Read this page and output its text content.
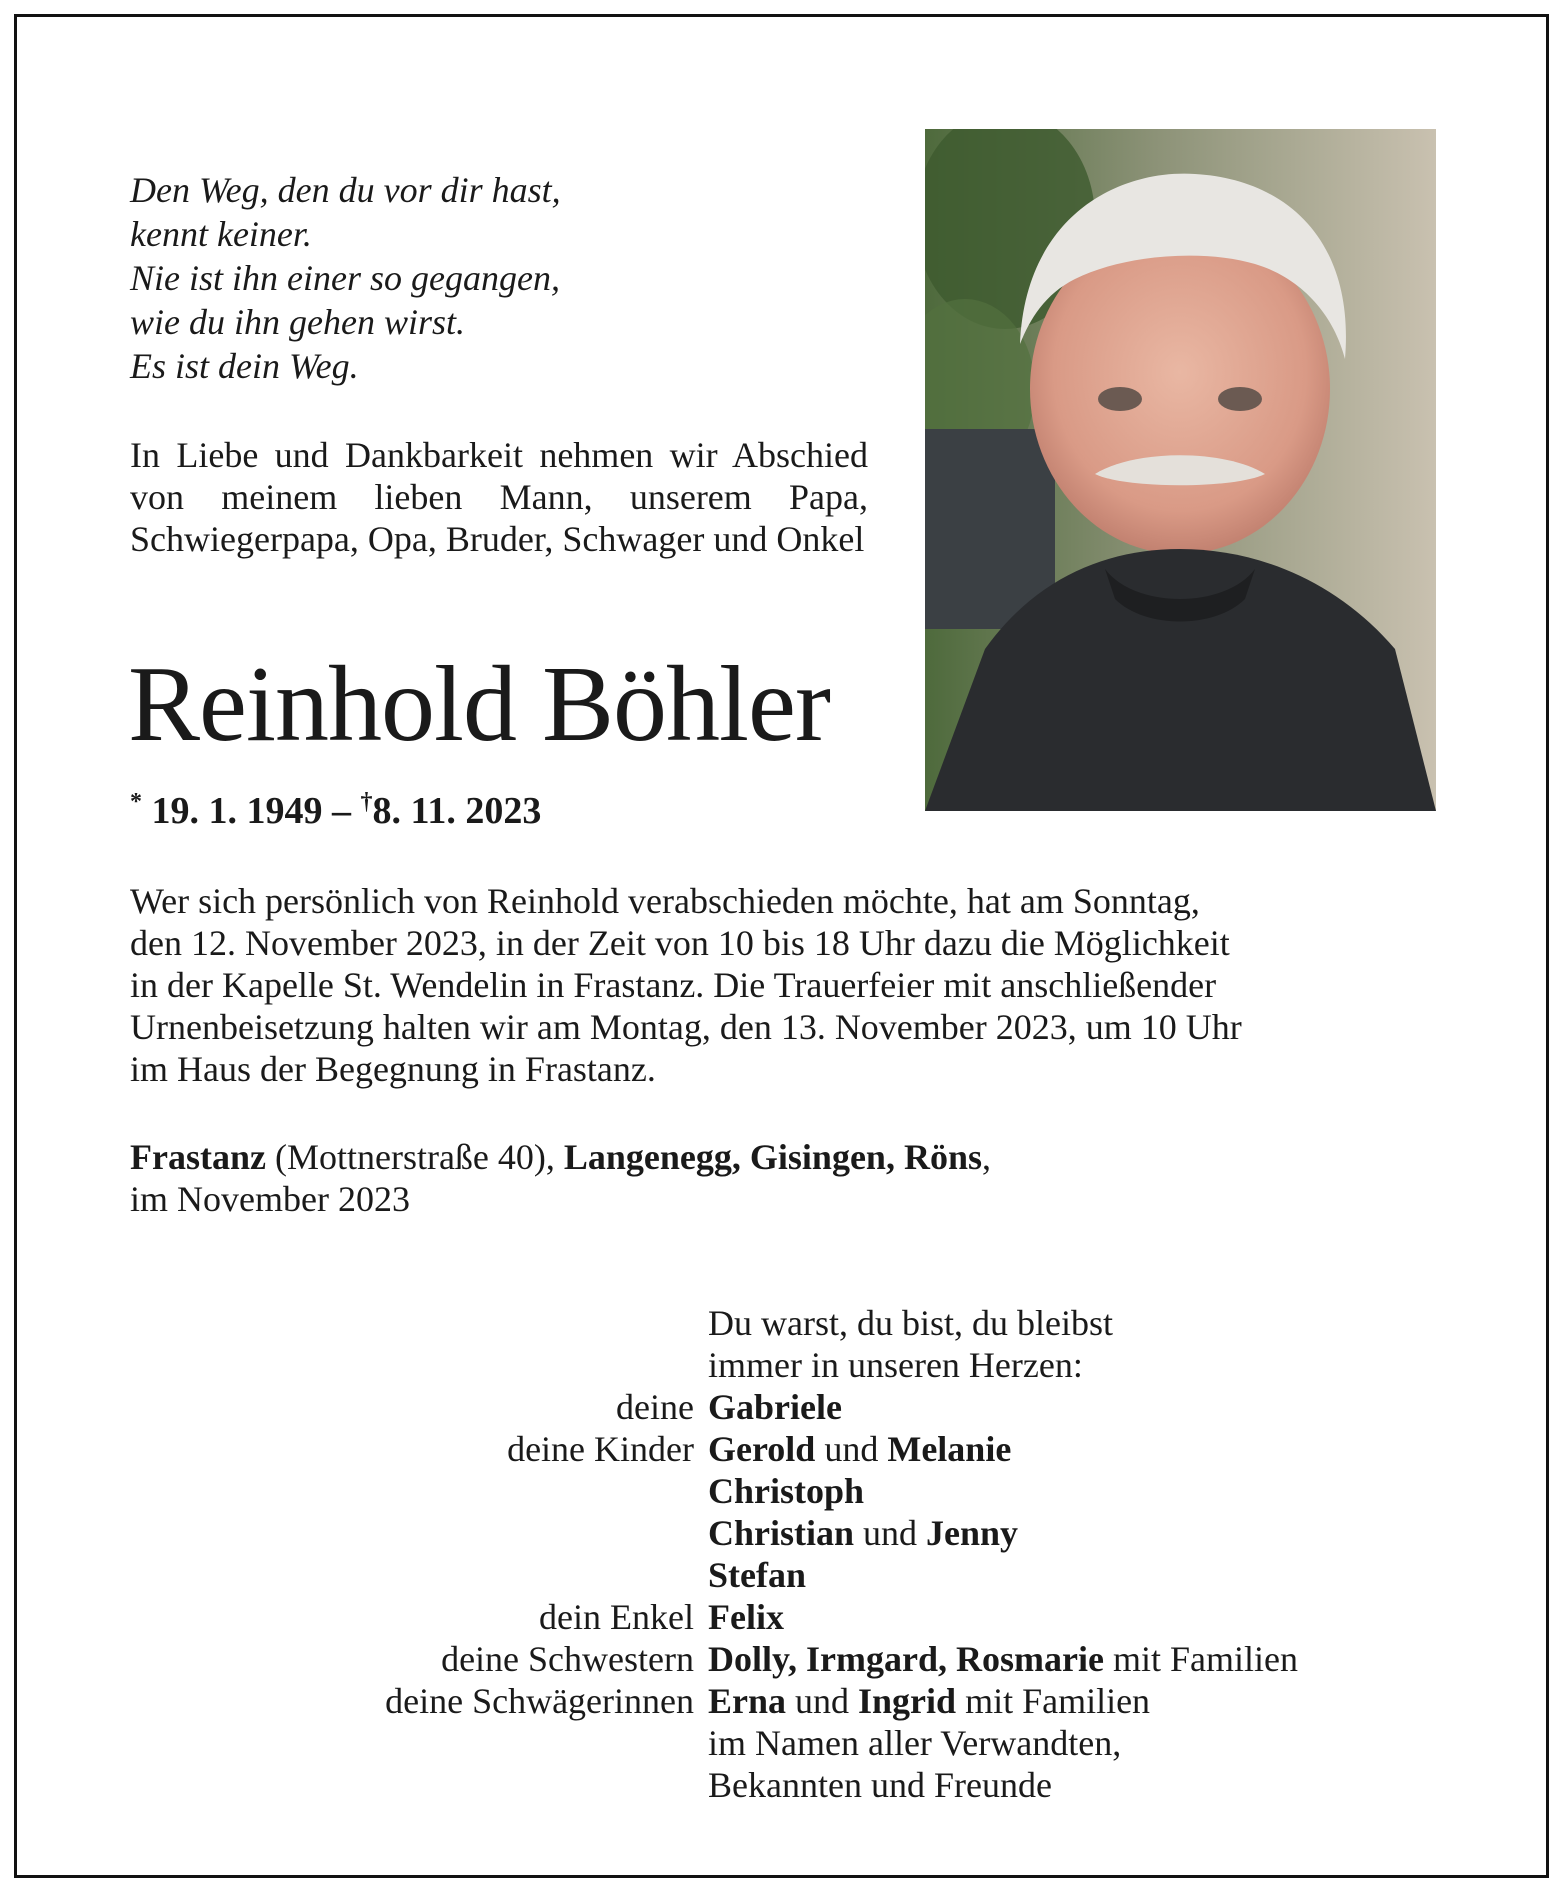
Den Weg, den du vor dir hast,
kennt keiner.
Nie ist ihn einer so gegangen,
wie du ihn gehen wirst.
Es ist dein Weg.
In Liebe und Dankbarkeit nehmen wir Abschied von meinem lieben Mann, unserem Papa, Schwiegerpapa, Opa, Bruder, Schwager und Onkel
Reinhold Böhler
* 19. 1. 1949 – †8. 11. 2023
Wer sich persönlich von Reinhold verabschieden möchte, hat am Sonntag,
den 12. November 2023, in der Zeit von 10 bis 18 Uhr dazu die Möglichkeit
in der Kapelle St. Wendelin in Frastanz. Die Trauerfeier mit anschließender
Urnenbeisetzung halten wir am Montag, den 13. November 2023, um 10 Uhr
im Haus der Begegnung in Frastanz.
Frastanz (Mottnerstraße 40), Langenegg, Gisingen, Röns,
im November 2023
Du warst, du bist, du bleibst
immer in unseren Herzen:
deine Gabriele
deine Kinder Gerold und Melanie
Christoph
Christian und Jenny
Stefan
dein Enkel Felix
deine Schwestern Dolly, Irmgard, Rosmarie mit Familien
deine Schwägerinnen Erna und Ingrid mit Familien
im Namen aller Verwandten,
Bekannten und Freunde
